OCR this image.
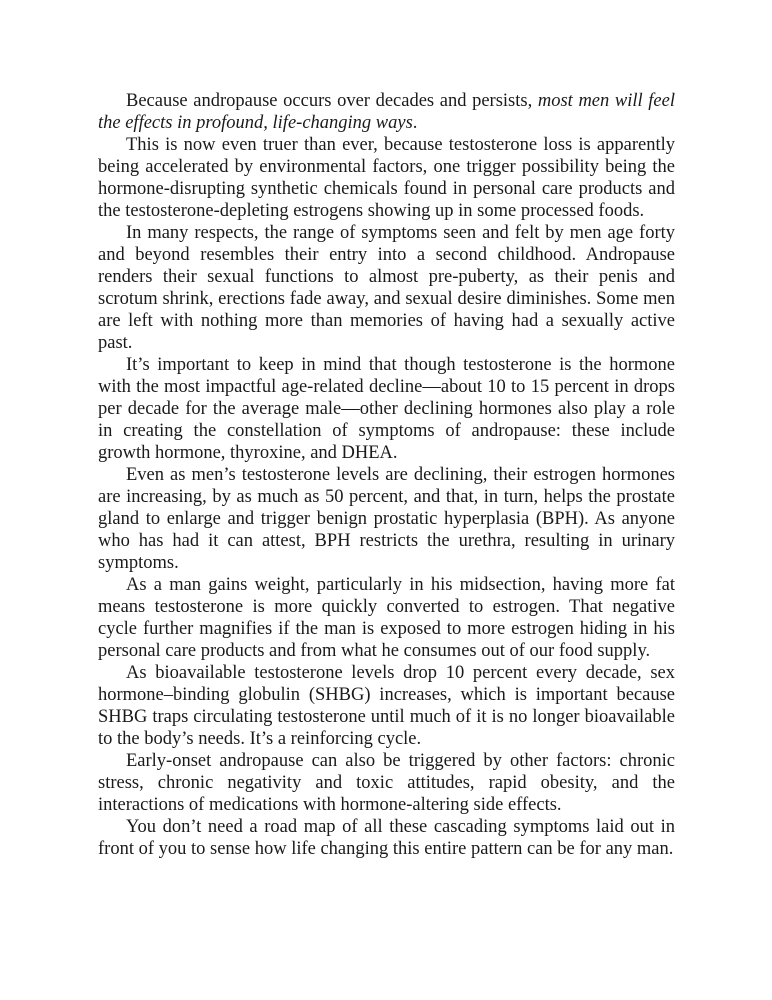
Because andropause occurs over decades and persists, most men will feel the effects in profound, life-changing ways.

This is now even truer than ever, because testosterone loss is apparently being accelerated by environmental factors, one trigger possibility being the hormone-disrupting synthetic chemicals found in personal care products and the testosterone-depleting estrogens showing up in some processed foods.

In many respects, the range of symptoms seen and felt by men age forty and beyond resembles their entry into a second childhood. Andropause renders their sexual functions to almost pre-puberty, as their penis and scrotum shrink, erections fade away, and sexual desire diminishes. Some men are left with nothing more than memories of having had a sexually active past.

It’s important to keep in mind that though testosterone is the hormone with the most impactful age-related decline—about 10 to 15 percent in drops per decade for the average male—other declining hormones also play a role in creating the constellation of symptoms of andropause: these include growth hormone, thyroxine, and DHEA.

Even as men’s testosterone levels are declining, their estrogen hormones are increasing, by as much as 50 percent, and that, in turn, helps the prostate gland to enlarge and trigger benign prostatic hyperplasia (BPH). As anyone who has had it can attest, BPH restricts the urethra, resulting in urinary symptoms.

As a man gains weight, particularly in his midsection, having more fat means testosterone is more quickly converted to estrogen. That negative cycle further magnifies if the man is exposed to more estrogen hiding in his personal care products and from what he consumes out of our food supply.

As bioavailable testosterone levels drop 10 percent every decade, sex hormone–binding globulin (SHBG) increases, which is important because SHBG traps circulating testosterone until much of it is no longer bioavailable to the body’s needs. It’s a reinforcing cycle.

Early-onset andropause can also be triggered by other factors: chronic stress, chronic negativity and toxic attitudes, rapid obesity, and the interactions of medications with hormone-altering side effects.

You don’t need a road map of all these cascading symptoms laid out in front of you to sense how life changing this entire pattern can be for any man.
